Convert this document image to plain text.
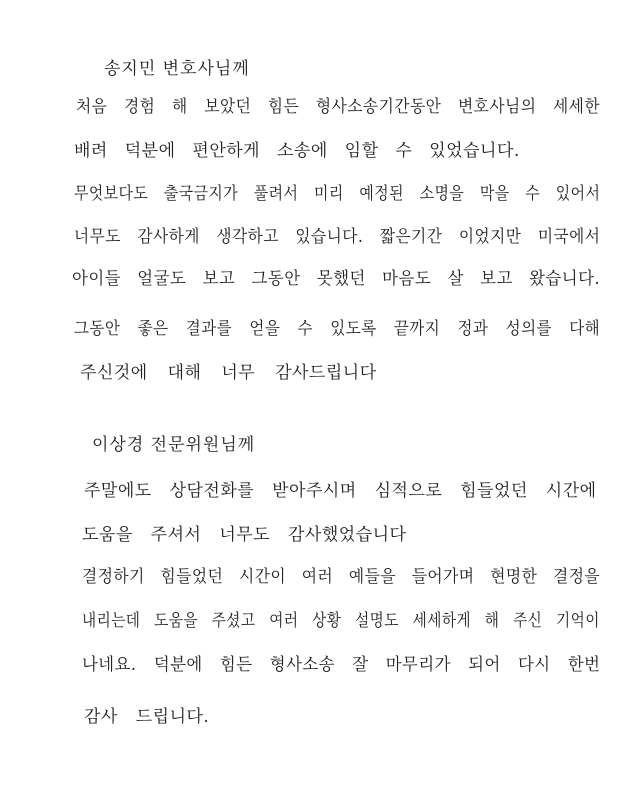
송지민 변호사님께
처음 경험 해 보았던 힘든 형사소송기간동안 변호사님의 세세한
배려 덕분에 편안하게 소송에 임할 수 있었습니다.
무엇보다도 출국금지가 풀려서 미리 예정된 소명을 막을 수 있어서
너무도 감사하게 생각하고 있습니다. 짧은기간 이었지만 미국에서
아이들 얼굴도 보고 그동안 못했던 마음도 살 보고 왔습니다.
그동안 좋은 결과를 얻을 수 있도록 끝까지 정과 성의를 다해
주신것에 대해 너무 감사드립니다
이상경 전문위원님께
주말에도 상담전화를 받아주시며 심적으로 힘들었던 시간에
도움을 주셔서 너무도 감사했었습니다
결정하기 힘들었던 시간이 여러 예들을 들어가며 현명한 결정을
내리는데 도움을 주셨고 여러 상황 설명도 세세하게 해 주신 기억이
나네요. 덕분에 힘든 형사소송 잘 마무리가 되어 다시 한번
감사 드립니다.
